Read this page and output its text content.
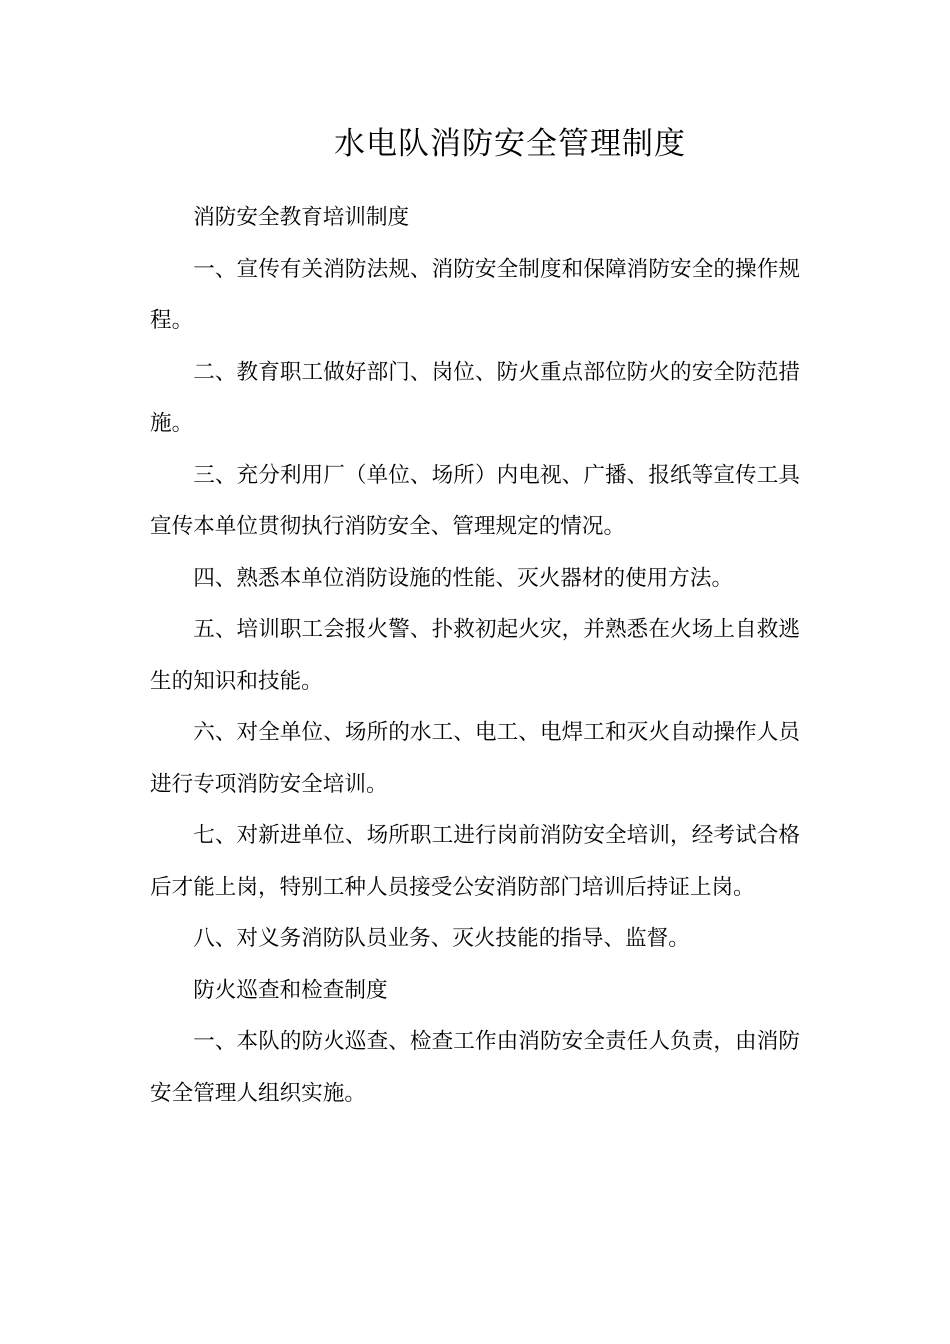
水电队消防安全管理制度

消防安全教育培训制度

一、宣传有关消防法规、消防安全制度和保障消防安全的操作规程。

二、教育职工做好部门、岗位、防火重点部位防火的安全防范措施。

三、充分利用厂（单位、场所）内电视、广播、报纸等宣传工具宣传本单位贯彻执行消防安全、管理规定的情况。

四、熟悉本单位消防设施的性能、灭火器材的使用方法。

五、培训职工会报火警、扑救初起火灾，并熟悉在火场上自救逃生的知识和技能。

六、对全单位、场所的水工、电工、电焊工和灭火自动操作人员进行专项消防安全培训。

七、对新进单位、场所职工进行岗前消防安全培训，经考试合格后才能上岗，特别工种人员接受公安消防部门培训后持证上岗。

八、对义务消防队员业务、灭火技能的指导、监督。

防火巡查和检查制度

一、本队的防火巡查、检查工作由消防安全责任人负责，由消防安全管理人组织实施。
